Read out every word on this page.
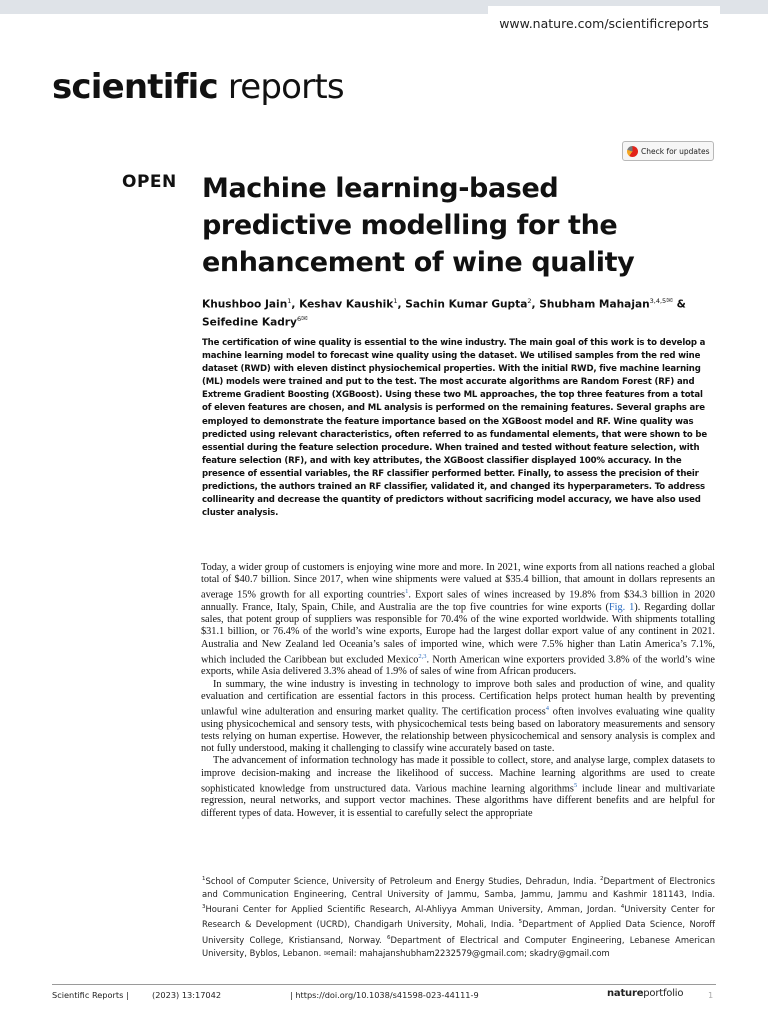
www.nature.com/scientificreports
scientific reports
Check for updates
OPEN Machine learning-based predictive modelling for the enhancement of wine quality
Khushboo Jain$^1$, Keshav Kaushik$^1$, Sachin Kumar Gupta$^2$, Shubham Mahajan$^{3,4,5✉}$ &
Seifedine Kadry$^{6✉}$

The certification of wine quality is essential to the wine industry. The main goal of this work is to develop a machine learning model to forecast wine quality using the dataset. We utilised samples from the red wine dataset (RWD) with eleven distinct physiochemical properties. With the initial RWD, five machine learning (ML) models were trained and put to the test. The most accurate algorithms are Random Forest (RF) and Extreme Gradient Boosting (XGBoost). Using these two ML approaches, the top three features from a total of eleven features are chosen, and ML analysis is performed on the remaining features. Several graphs are employed to demonstrate the feature importance based on the XGBoost model and RF. Wine quality was predicted using relevant characteristics, often referred to as fundamental elements, that were shown to be essential during the feature selection procedure. When trained and tested without feature selection, with feature selection (RF), and with key attributes, the XGBoost classifier displayed 100% accuracy. In the presence of essential variables, the RF classifier performed better. Finally, to assess the precision of their predictions, the authors trained an RF classifier, validated it, and changed its hyperparameters. To address collinearity and decrease the quantity of predictors without sacrificing model accuracy, we have also used cluster analysis.

Today, a wider group of customers is enjoying wine more and more. In 2021, wine exports from all nations reached a global total of $40.7 billion. Since 2017, when wine shipments were valued at $35.4 billion, that amount in dollars represents an average 15% growth for all exporting countries$^1$. Export sales of wines increased by 19.8% from $34.3 billion in 2020 annually. France, Italy, Spain, Chile, and Australia are the top five countries for wine exports (Fig. 1). Regarding dollar sales, that potent group of suppliers was responsible for 70.4% of the wine exported worldwide. With shipments totalling $31.1 billion, or 76.4% of the world’s wine exports, Europe had the largest dollar export value of any continent in 2021. Australia and New Zealand led Oceania’s sales of imported wine, which were 7.5% higher than Latin America’s 7.1%, which included the Caribbean but excluded Mexico$^{2,3}$. North American wine exporters provided 3.8% of the world’s wine exports, while Asia delivered 3.3% ahead of 1.9% of sales of wine from African producers.

In summary, the wine industry is investing in technology to improve both sales and production of wine, and quality evaluation and certification are essential factors in this process. Certification helps protect human health by preventing unlawful wine adulteration and ensuring market quality. The certification process$^4$ often involves evaluating wine quality using physicochemical and sensory tests, with physicochemical tests being based on laboratory measurements and sensory tests relying on human expertise. However, the relationship between physicochemical and sensory analysis is complex and not fully understood, making it challenging to classify wine accurately based on taste.

The advancement of information technology has made it possible to collect, store, and analyse large, complex datasets to improve decision-making and increase the likelihood of success. Machine learning algorithms are used to create sophisticated knowledge from unstructured data. Various machine learning algorithms$^5$ include linear and multivariate regression, neural networks, and support vector machines. These algorithms have different benefits and are helpful for different types of data. However, it is essential to carefully select the appropriate

$^1$School of Computer Science, University of Petroleum and Energy Studies, Dehradun, India. $^2$Department of Electronics and Communication Engineering, Central University of Jammu, Samba, Jammu, Jammu and Kashmir 181143, India. $^3$Hourani Center for Applied Scientific Research, Al-Ahliyya Amman University, Amman, Jordan. $^4$University Center for Research & Development (UCRD), Chandigarh University, Mohali, India. $^5$Department of Applied Data Science, Noroff University College, Kristiansand, Norway. $^6$Department of Electrical and Computer Engineering, Lebanese American University, Byblos, Lebanon. ✉email: mahajanshubham2232579@gmail.com; skadry@gmail.com
Scientific Reports |	(2023) 13:17042	| https://doi.org/10.1038/s41598-023-44111-9	natureportfolio	1
